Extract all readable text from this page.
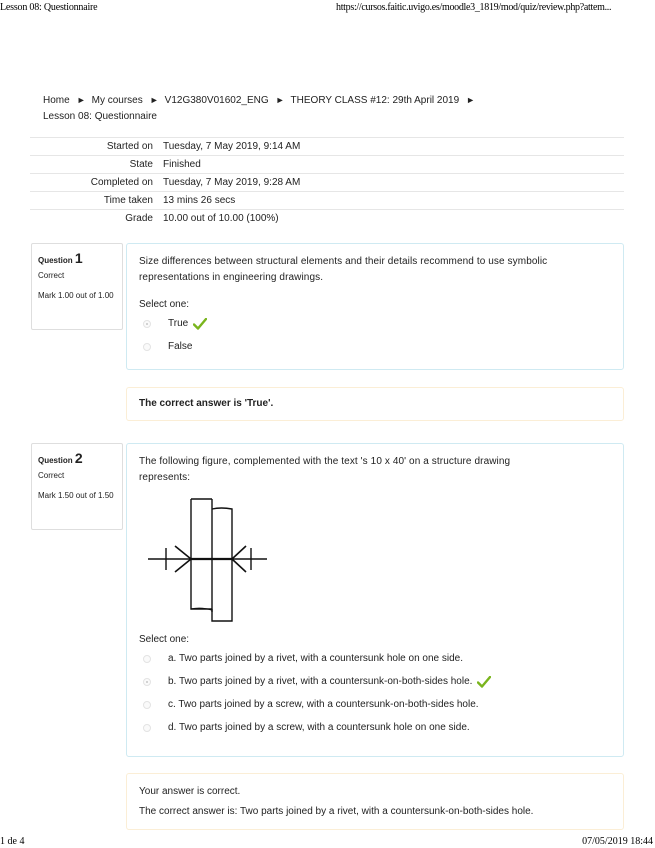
Lesson 08: Questionnaire	https://cursos.faitic.uvigo.es/moodle3_1819/mod/quiz/review.php?attem...
1 de 4	07/05/2019 18:44
Home ► My courses ► V12G380V01602_ENG ► THEORY CLASS #12: 29th April 2019 ►
Lesson 08: Questionnaire
Started on	Tuesday, 7 May 2019, 9:14 AM
State	Finished
Completed on	Tuesday, 7 May 2019, 9:28 AM
Time taken	13 mins 26 secs
Grade	10.00 out of 10.00 (100%)
Question 1
Correct
Mark 1.00 out of 1.00
Size differences between structural elements and their details recommend to use symbolic representations in engineering drawings.
Select one:
True
False

The correct answer is 'True'.

Question 2
Correct
Mark 1.50 out of 1.50
The following figure, complemented with the text 's 10 x 40' on a structure drawing represents:
Select one:
a. Two parts joined by a rivet, with a countersunk hole on one side.
b. Two parts joined by a rivet, with a countersunk-on-both-sides hole.
c. Two parts joined by a screw, with a countersunk-on-both-sides hole.
d. Two parts joined by a screw, with a countersunk hole on one side.

Your answer is correct.

The correct answer is: Two parts joined by a rivet, with a countersunk-on-both-sides hole.
